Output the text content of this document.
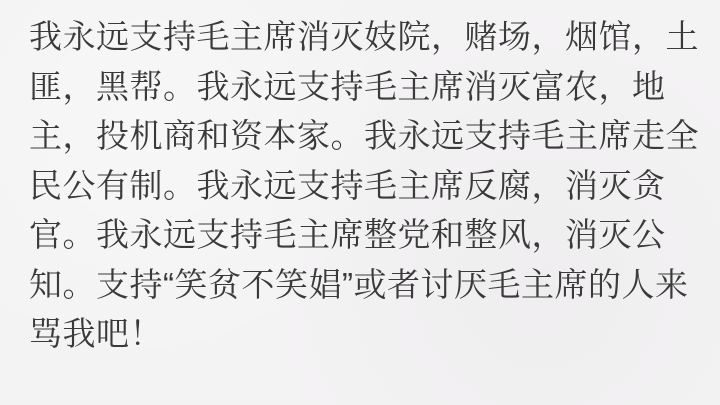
我永远支持毛主席消灭妓院，赌场，烟馆，土
匪，黑帮。我永远支持毛主席消灭富农，地
主，投机商和资本家。我永远支持毛主席走全
民公有制。我永远支持毛主席反腐，消灭贪
官。我永远支持毛主席整党和整风，消灭公
知。支持“笑贫不笑娼”或者讨厌毛主席的人来
骂我吧！
